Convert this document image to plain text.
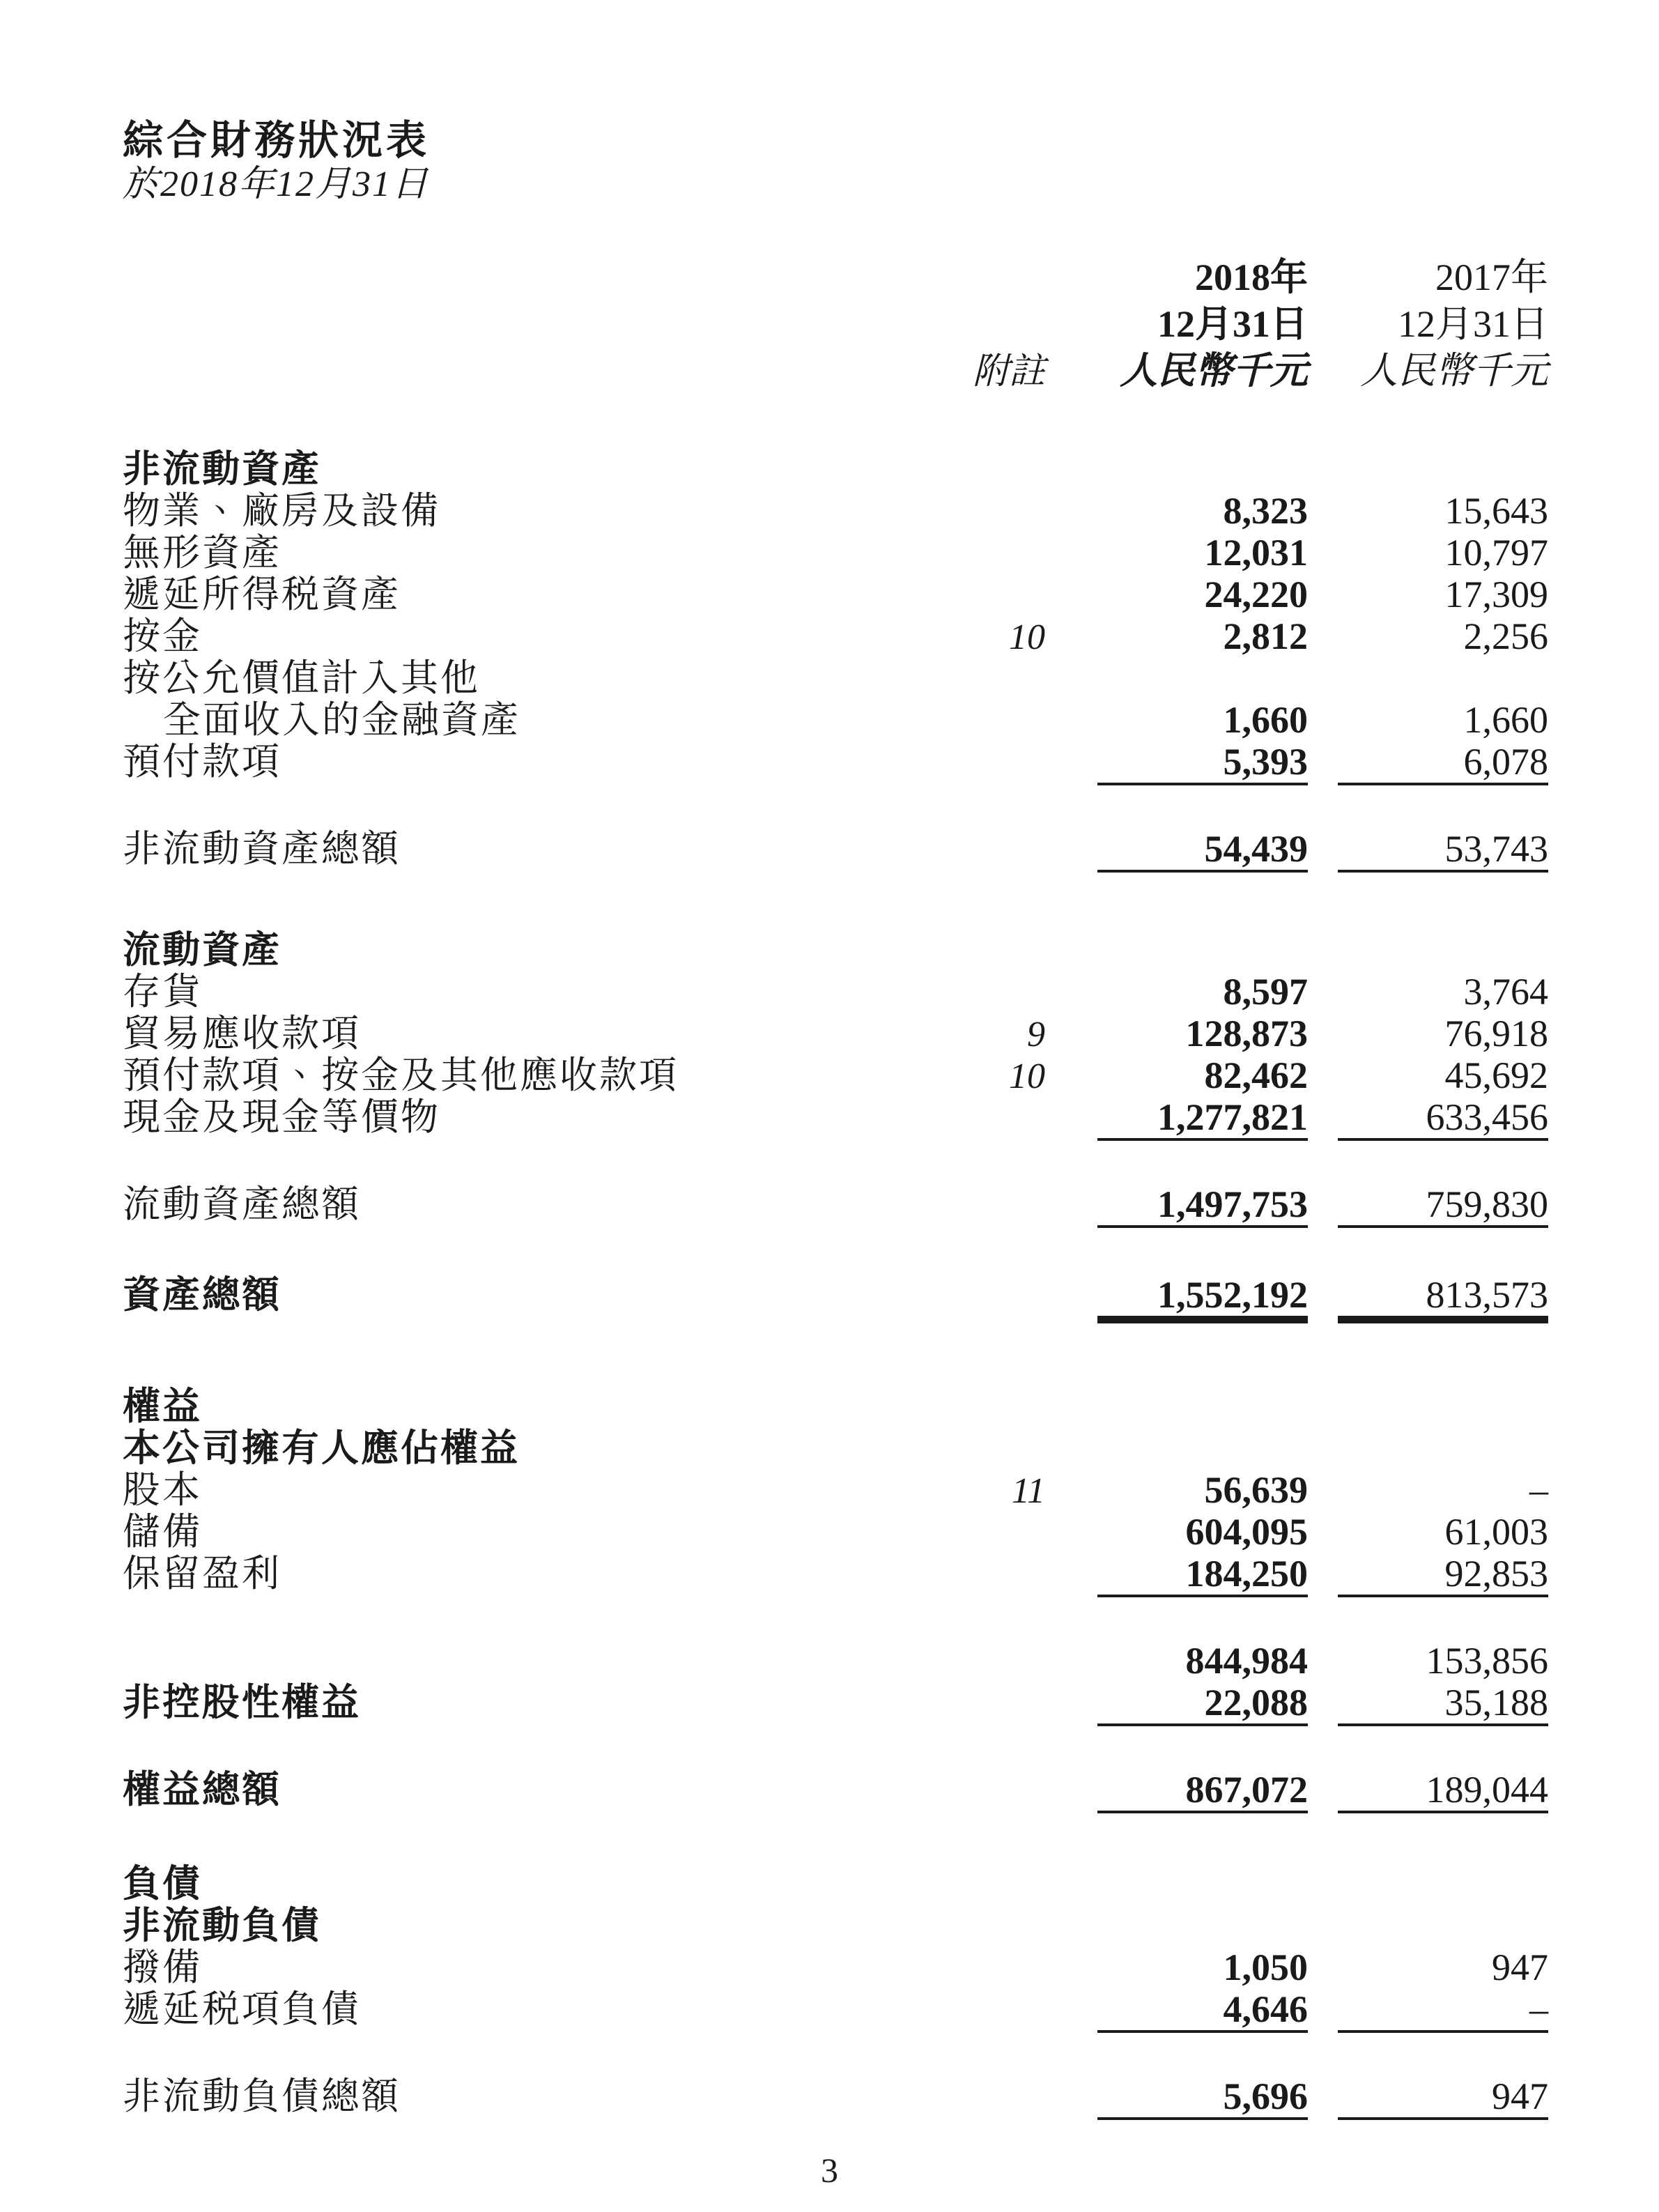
綜合財務狀況表
於2018年12月31日
2018年	2017年
12月31日	12月31日
附註	人民幣千元	人民幣千元
非流動資產
物業、廠房及設備	8,323	15,643
無形資產	12,031	10,797
遞延所得税資產	24,220	17,309
按金	10	2,812	2,256
按公允價值計入其他
全面收入的金融資產	1,660	1,660
預付款項	5,393	6,078
非流動資產總額	54,439	53,743
流動資產
存貨	8,597	3,764
貿易應收款項	9	128,873	76,918
預付款項、按金及其他應收款項	10	82,462	45,692
現金及現金等價物	1,277,821	633,456
流動資產總額	1,497,753	759,830
資產總額	1,552,192	813,573
權益
本公司擁有人應佔權益
股本	11	56,639	–
儲備	604,095	61,003
保留盈利	184,250	92,853
844,984	153,856
非控股性權益	22,088	35,188
權益總額	867,072	189,044
負債
非流動負債
撥備	1,050	947
遞延税項負債	4,646	–
非流動負債總額	5,696	947
3
